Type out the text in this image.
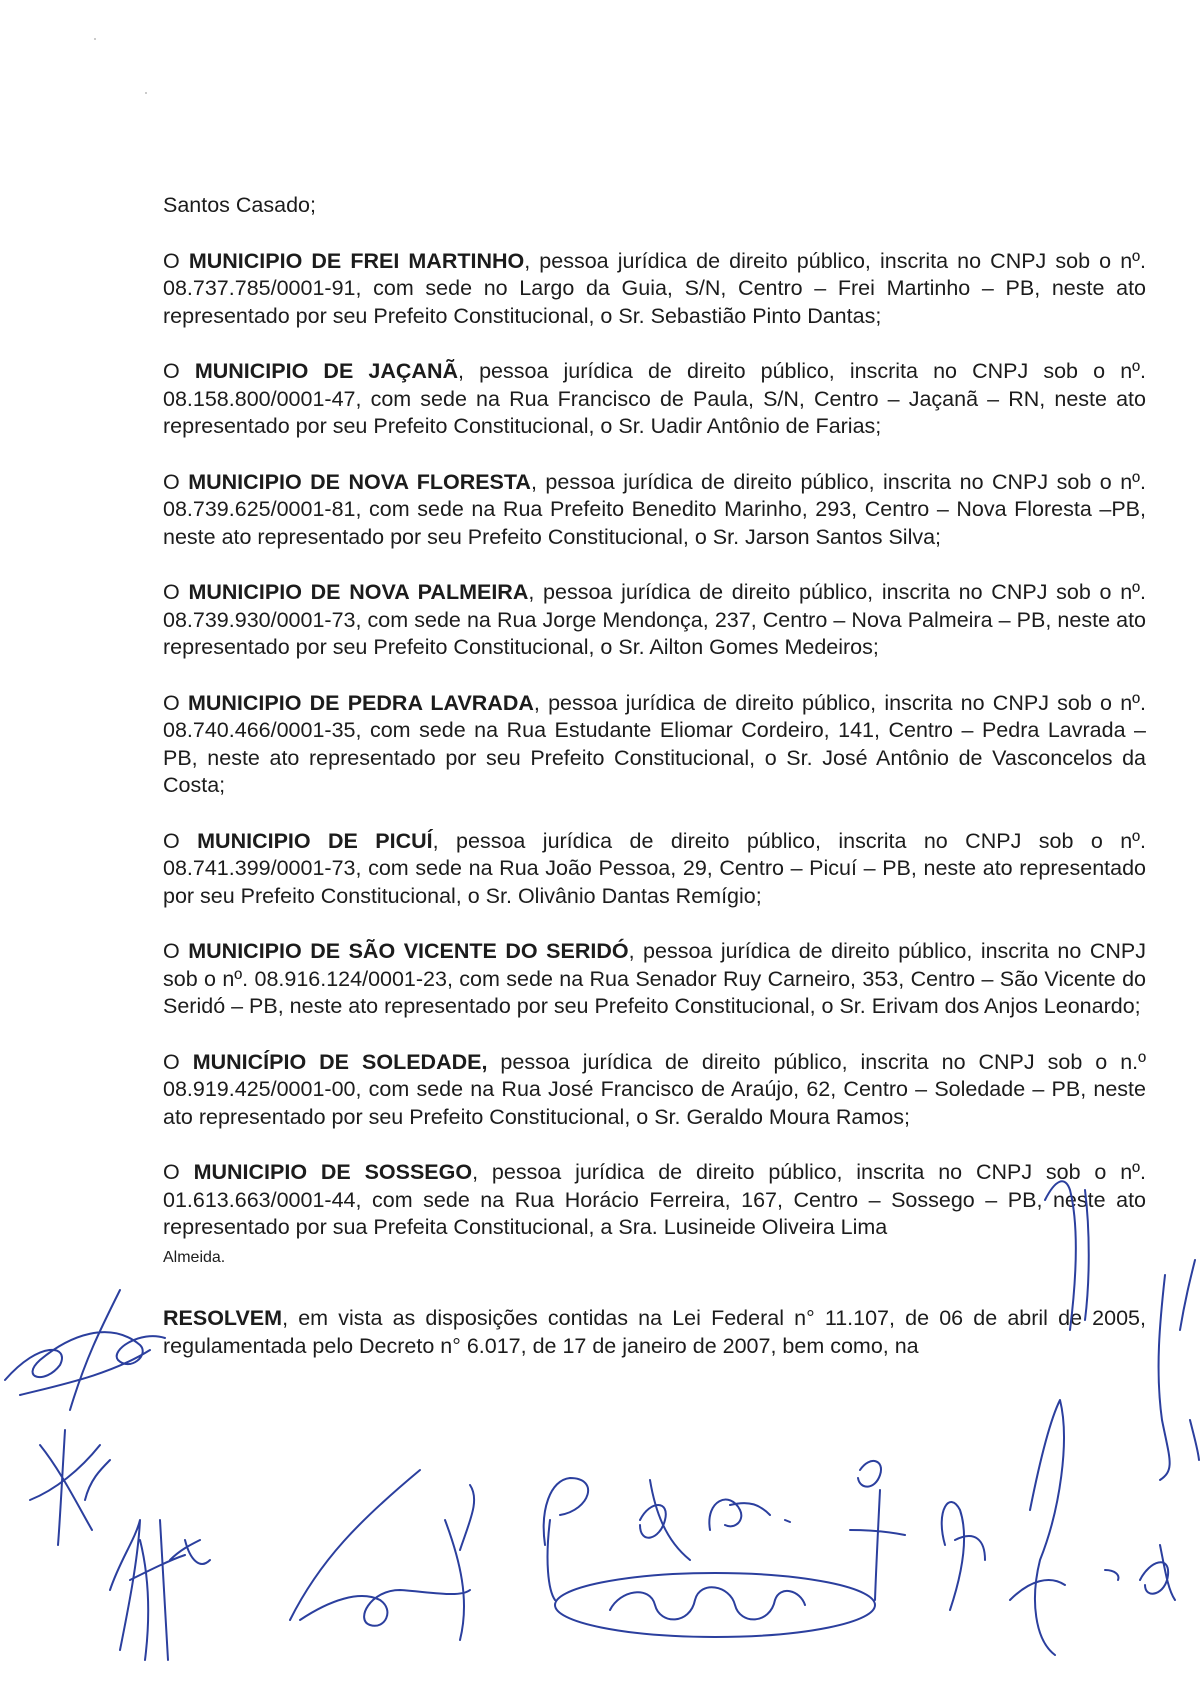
Santos Casado;

O MUNICIPIO DE FREI MARTINHO, pessoa jurídica de direito público, inscrita no CNPJ sob o nº. 08.737.785/0001-91, com sede no Largo da Guia, S/N, Centro – Frei Martinho – PB, neste ato representado por seu Prefeito Constitucional, o Sr. Sebastião Pinto Dantas;

O MUNICIPIO DE JAÇANÃ, pessoa jurídica de direito público, inscrita no CNPJ sob o nº. 08.158.800/0001-47, com sede na Rua Francisco de Paula, S/N, Centro – Jaçanã – RN, neste ato representado por seu Prefeito Constitucional, o Sr. Uadir Antônio de Farias;

O MUNICIPIO DE NOVA FLORESTA, pessoa jurídica de direito público, inscrita no CNPJ sob o nº. 08.739.625/0001-81, com sede na Rua Prefeito Benedito Marinho, 293, Centro – Nova Floresta –PB, neste ato representado por seu Prefeito Constitucional, o Sr. Jarson Santos Silva;

O MUNICIPIO DE NOVA PALMEIRA, pessoa jurídica de direito público, inscrita no CNPJ sob o nº. 08.739.930/0001-73, com sede na Rua Jorge Mendonça, 237, Centro – Nova Palmeira – PB, neste ato representado por seu Prefeito Constitucional, o Sr. Ailton Gomes Medeiros;

O MUNICIPIO DE PEDRA LAVRADA, pessoa jurídica de direito público, inscrita no CNPJ sob o nº. 08.740.466/0001-35, com sede na Rua Estudante Eliomar Cordeiro, 141, Centro – Pedra Lavrada – PB, neste ato representado por seu Prefeito Constitucional, o Sr. José Antônio de Vasconcelos da Costa;

O MUNICIPIO DE PICUÍ, pessoa jurídica de direito público, inscrita no CNPJ sob o nº. 08.741.399/0001-73, com sede na Rua João Pessoa, 29, Centro – Picuí – PB, neste ato representado por seu Prefeito Constitucional, o Sr. Olivânio Dantas Remígio;

O MUNICIPIO DE SÃO VICENTE DO SERIDÓ, pessoa jurídica de direito público, inscrita no CNPJ sob o nº. 08.916.124/0001-23, com sede na Rua Senador Ruy Carneiro, 353, Centro – São Vicente do Seridó – PB, neste ato representado por seu Prefeito Constitucional, o Sr. Erivam dos Anjos Leonardo;

O MUNICÍPIO DE SOLEDADE, pessoa jurídica de direito público, inscrita no CNPJ sob o n.º 08.919.425/0001-00, com sede na Rua José Francisco de Araújo, 62, Centro – Soledade – PB, neste ato representado por seu Prefeito Constitucional, o Sr. Geraldo Moura Ramos;

O MUNICIPIO DE SOSSEGO, pessoa jurídica de direito público, inscrita no CNPJ sob o nº. 01.613.663/0001-44, com sede na Rua Horácio Ferreira, 167, Centro – Sossego – PB, neste ato representado por sua Prefeita Constitucional, a Sra. Lusineide Oliveira Lima
Almeida.

RESOLVEM, em vista as disposições contidas na Lei Federal n° 11.107, de 06 de abril de 2005, regulamentada pelo Decreto n° 6.017, de 17 de janeiro de 2007, bem como, na
